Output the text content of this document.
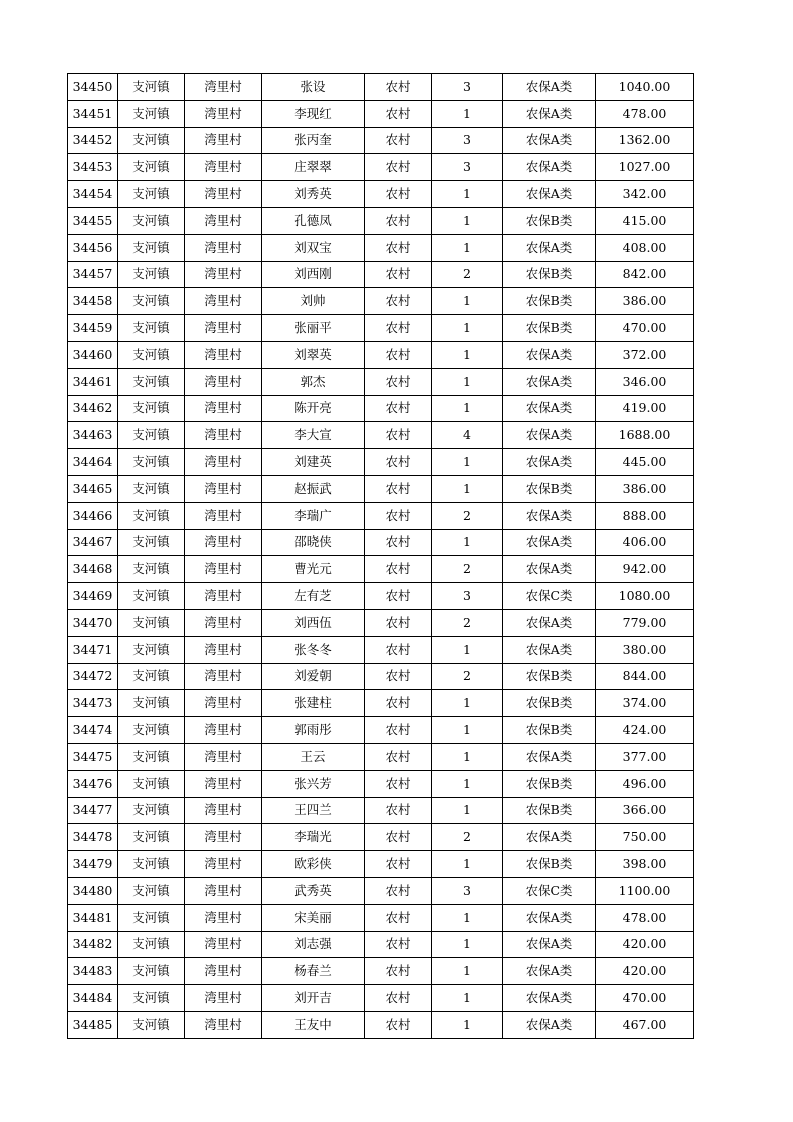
34450	支河镇	湾里村	张设	农村	3	农保A类	1040.00
34451	支河镇	湾里村	李现红	农村	1	农保A类	478.00
34452	支河镇	湾里村	张丙奎	农村	3	农保A类	1362.00
34453	支河镇	湾里村	庄翠翠	农村	3	农保A类	1027.00
34454	支河镇	湾里村	刘秀英	农村	1	农保A类	342.00
34455	支河镇	湾里村	孔德凤	农村	1	农保B类	415.00
34456	支河镇	湾里村	刘双宝	农村	1	农保A类	408.00
34457	支河镇	湾里村	刘西刚	农村	2	农保B类	842.00
34458	支河镇	湾里村	刘帅	农村	1	农保B类	386.00
34459	支河镇	湾里村	张丽平	农村	1	农保B类	470.00
34460	支河镇	湾里村	刘翠英	农村	1	农保A类	372.00
34461	支河镇	湾里村	郭杰	农村	1	农保A类	346.00
34462	支河镇	湾里村	陈开亮	农村	1	农保A类	419.00
34463	支河镇	湾里村	李大宣	农村	4	农保A类	1688.00
34464	支河镇	湾里村	刘建英	农村	1	农保A类	445.00
34465	支河镇	湾里村	赵振武	农村	1	农保B类	386.00
34466	支河镇	湾里村	李瑞广	农村	2	农保A类	888.00
34467	支河镇	湾里村	邵晓侠	农村	1	农保A类	406.00
34468	支河镇	湾里村	曹光元	农村	2	农保A类	942.00
34469	支河镇	湾里村	左有芝	农村	3	农保C类	1080.00
34470	支河镇	湾里村	刘西伍	农村	2	农保A类	779.00
34471	支河镇	湾里村	张冬冬	农村	1	农保A类	380.00
34472	支河镇	湾里村	刘爱朝	农村	2	农保B类	844.00
34473	支河镇	湾里村	张建柱	农村	1	农保B类	374.00
34474	支河镇	湾里村	郭雨彤	农村	1	农保B类	424.00
34475	支河镇	湾里村	王云	农村	1	农保A类	377.00
34476	支河镇	湾里村	张兴芳	农村	1	农保B类	496.00
34477	支河镇	湾里村	王四兰	农村	1	农保B类	366.00
34478	支河镇	湾里村	李瑞光	农村	2	农保A类	750.00
34479	支河镇	湾里村	欧彩侠	农村	1	农保B类	398.00
34480	支河镇	湾里村	武秀英	农村	3	农保C类	1100.00
34481	支河镇	湾里村	宋美丽	农村	1	农保A类	478.00
34482	支河镇	湾里村	刘志强	农村	1	农保A类	420.00
34483	支河镇	湾里村	杨春兰	农村	1	农保A类	420.00
34484	支河镇	湾里村	刘开吉	农村	1	农保A类	470.00
34485	支河镇	湾里村	王友中	农村	1	农保A类	467.00
